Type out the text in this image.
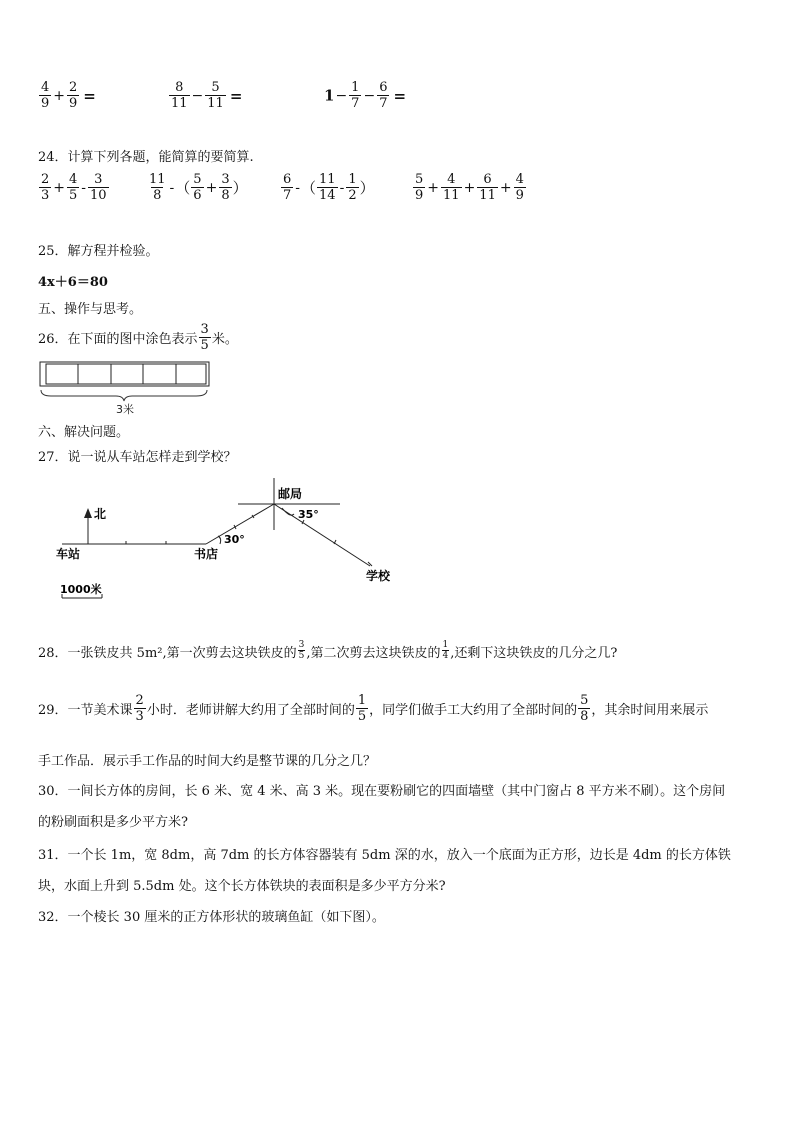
$\frac{4}{9} + \frac{2}{9}$ =	$\frac{8}{11} - \frac{5}{11}$ =	$1- \frac{1}{7} - \frac{6}{7}$ =
24．计算下列各题，能简算的要简算.
$\frac{2}{3} + \frac{4}{5} - \frac{3}{10}$	$\frac{11}{8}$ -（ $\frac{5}{6} + \frac{3}{8}$ ）	$\frac{6}{7}$ -（ $\frac{11}{14} - \frac{1}{2}$ ）	$\frac{5}{9} + \frac{4}{11} + \frac{6}{11} + \frac{4}{9}$
25．解方程并检验。
4x＋6＝80
五、操作与思考。
26．在下面的图中涂色表示 $\frac{3}{5}$ 米。
3米
六、解决问题。
27．说一说从车站怎样走到学校？
北
车站	书店
30°
邮局
35°
学校
1000米
28．一张铁皮共 5m²,第一次剪去这块铁皮的 $\frac{3}{5}$ ,第二次剪去这块铁皮的 $\frac{1}{4}$ ,还剩下这块铁皮的几分之几?
29．一节美术课 $\frac{2}{3}$ 小时．老师讲解大约用了全部时间的 $\frac{1}{5}$ ，同学们做手工大约用了全部时间的 $\frac{5}{8}$ ，其余时间用来展示
手工作品．展示手工作品的时间大约是整节课的几分之几？
30．一间长方体的房间，长 6 米、宽 4 米、高 3 米。现在要粉刷它的四面墙壁（其中门窗占 8 平方米不刷）。这个房间
的粉刷面积是多少平方米?
31．一个长 1m，宽 8dm，高 7dm 的长方体容器装有 5dm 深的水，放入一个底面为正方形，边长是 4dm 的长方体铁
块，水面上升到 5.5dm 处。这个长方体铁块的表面积是多少平方分米?
32．一个棱长 30 厘米的正方体形状的玻璃鱼缸（如下图）。
